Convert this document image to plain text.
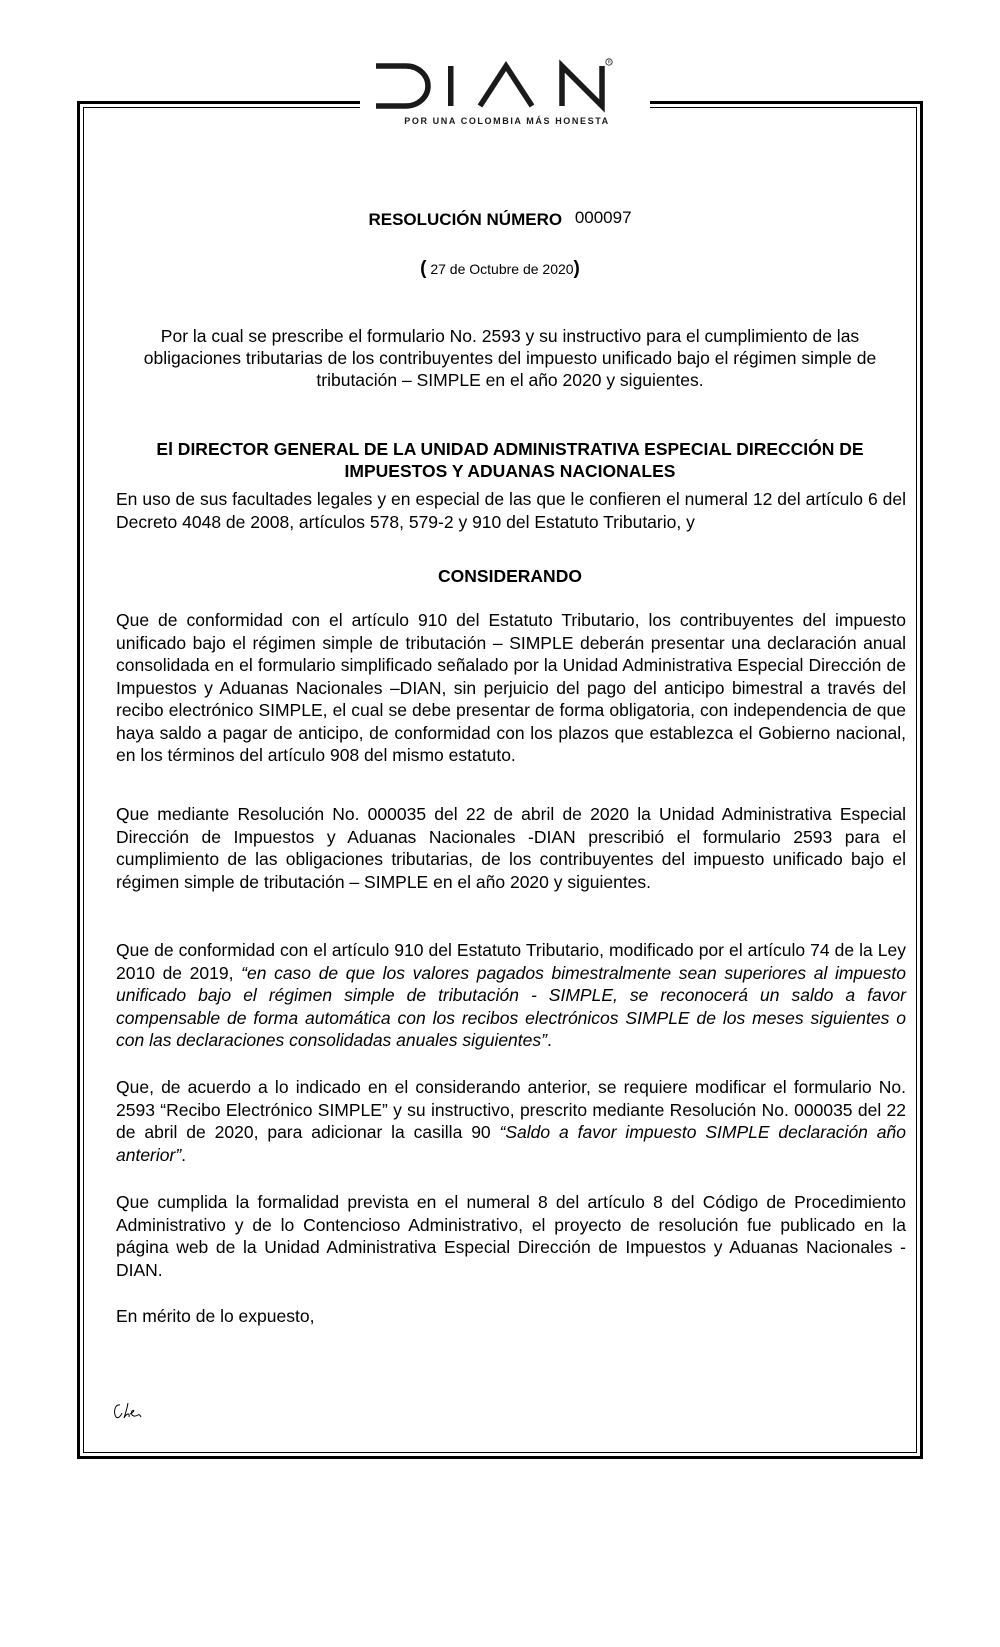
R
POR UNA COLOMBIA MÁS HONESTA
RESOLUCIÓN NÚMERO 000097
( 27 de Octubre de 2020)
Por la cual se prescribe el formulario No. 2593 y su instructivo para el cumplimiento de las obligaciones tributarias de los contribuyentes del impuesto unificado bajo el régimen simple de tributación – SIMPLE en el año 2020 y siguientes.
El DIRECTOR GENERAL DE LA UNIDAD ADMINISTRATIVA ESPECIAL DIRECCIÓN DE IMPUESTOS Y ADUANAS NACIONALES
En uso de sus facultades legales y en especial de las que le confieren el numeral 12 del artículo 6 del Decreto 4048 de 2008, artículos 578, 579-2 y 910 del Estatuto Tributario, y
CONSIDERANDO
Que de conformidad con el artículo 910 del Estatuto Tributario, los contribuyentes del impuesto unificado bajo el régimen simple de tributación – SIMPLE deberán presentar una declaración anual consolidada en el formulario simplificado señalado por la Unidad Administrativa Especial Dirección de Impuestos y Aduanas Nacionales –DIAN, sin perjuicio del pago del anticipo bimestral a través del recibo electrónico SIMPLE, el cual se debe presentar de forma obligatoria, con independencia de que haya saldo a pagar de anticipo, de conformidad con los plazos que establezca el Gobierno nacional, en los términos del artículo 908 del mismo estatuto.
Que mediante Resolución No. 000035 del 22 de abril de 2020 la Unidad Administrativa Especial Dirección de Impuestos y Aduanas Nacionales -DIAN prescribió el formulario 2593 para el cumplimiento de las obligaciones tributarias, de los contribuyentes del impuesto unificado bajo el régimen simple de tributación – SIMPLE en el año 2020 y siguientes.
Que de conformidad con el artículo 910 del Estatuto Tributario, modificado por el artículo 74 de la Ley 2010 de 2019, “en caso de que los valores pagados bimestralmente sean superiores al impuesto unificado bajo el régimen simple de tributación - SIMPLE, se reconocerá un saldo a favor compensable de forma automática con los recibos electrónicos SIMPLE de los meses siguientes o con las declaraciones consolidadas anuales siguientes”.
Que, de acuerdo a lo indicado en el considerando anterior, se requiere modificar el formulario No. 2593 “Recibo Electrónico SIMPLE” y su instructivo, prescrito mediante Resolución No. 000035 del 22 de abril de 2020, para adicionar la casilla 90 “Saldo a favor impuesto SIMPLE declaración año anterior”.
Que cumplida la formalidad prevista en el numeral 8 del artículo 8 del Código de Procedimiento Administrativo y de lo Contencioso Administrativo, el proyecto de resolución fue publicado en la página web de la Unidad Administrativa Especial Dirección de Impuestos y Aduanas Nacionales -DIAN.
En mérito de lo expuesto,
